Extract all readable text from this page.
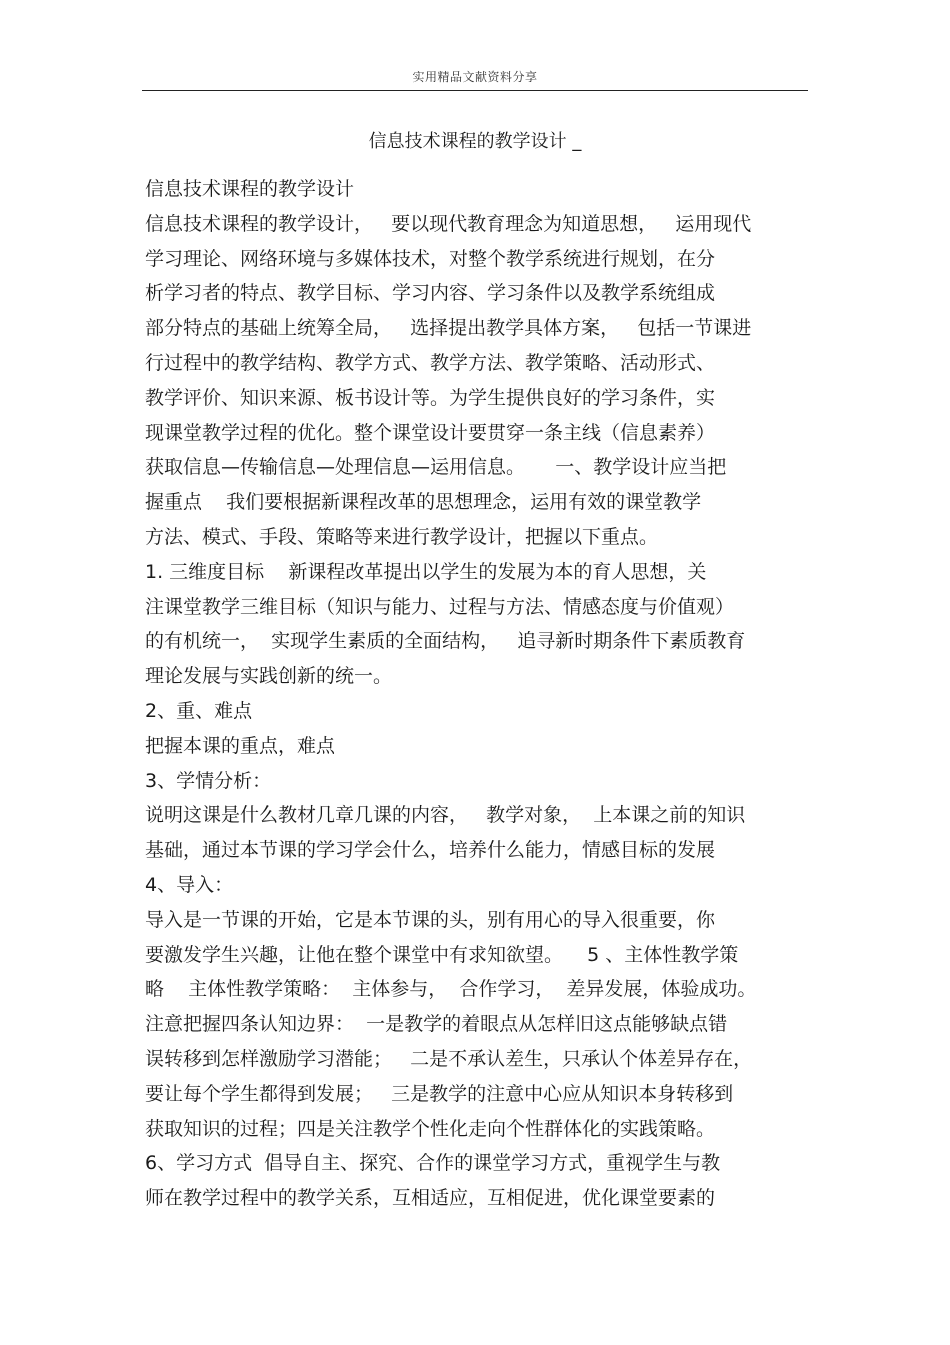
实用精品文献资料分享
信息技术课程的教学设计 _
信息技术课程的教学设计
信息技术课程的教学设计，   要以现代教育理念为知道思想，   运用现代
学习理论、网络环境与多媒体技术，对整个教学系统进行规划，在分
析学习者的特点、教学目标、学习内容、学习条件以及教学系统组成
部分特点的基础上统筹全局，   选择提出教学具体方案，   包括一节课进
行过程中的教学结构、教学方式、教学方法、教学策略、活动形式、
教学评价、知识来源、板书设计等。为学生提供良好的学习条件，实
现课堂教学过程的优化。整个课堂设计要贯穿一条主线（信息素养）
获取信息—传输信息—处理信息—运用信息。     一、教学设计应当把
握重点    我们要根据新课程改革的思想理念，运用有效的课堂教学
方法、模式、手段、策略等来进行教学设计，把握以下重点。
1. 三维度目标    新课程改革提出以学生的发展为本的育人思想，关
注课堂教学三维目标（知识与能力、过程与方法、情感态度与价值观）
的有机统一，  实现学生素质的全面结构，   追寻新时期条件下素质教育
理论发展与实践创新的统一。
2、重、难点
把握本课的重点，难点
3、学情分析：
说明这课是什么教材几章几课的内容，   教学对象，  上本课之前的知识
基础，通过本节课的学习学会什么，培养什么能力，情感目标的发展
4、导入：
导入是一节课的开始，它是本节课的头，别有用心的导入很重要，你
要激发学生兴趣，让他在整个课堂中有求知欲望。    5 、主体性教学策
略    主体性教学策略：  主体参与，  合作学习，  差异发展，体验成功。
注意把握四条认知边界：  一是教学的着眼点从怎样旧这点能够缺点错
误转移到怎样激励学习潜能；   二是不承认差生，只承认个体差异存在，
要让每个学生都得到发展；   三是教学的注意中心应从知识本身转移到
获取知识的过程；四是关注教学个性化走向个性群体化的实践策略。
6、学习方式  倡导自主、探究、合作的课堂学习方式，重视学生与教
师在教学过程中的教学关系，互相适应，互相促进，优化课堂要素的
